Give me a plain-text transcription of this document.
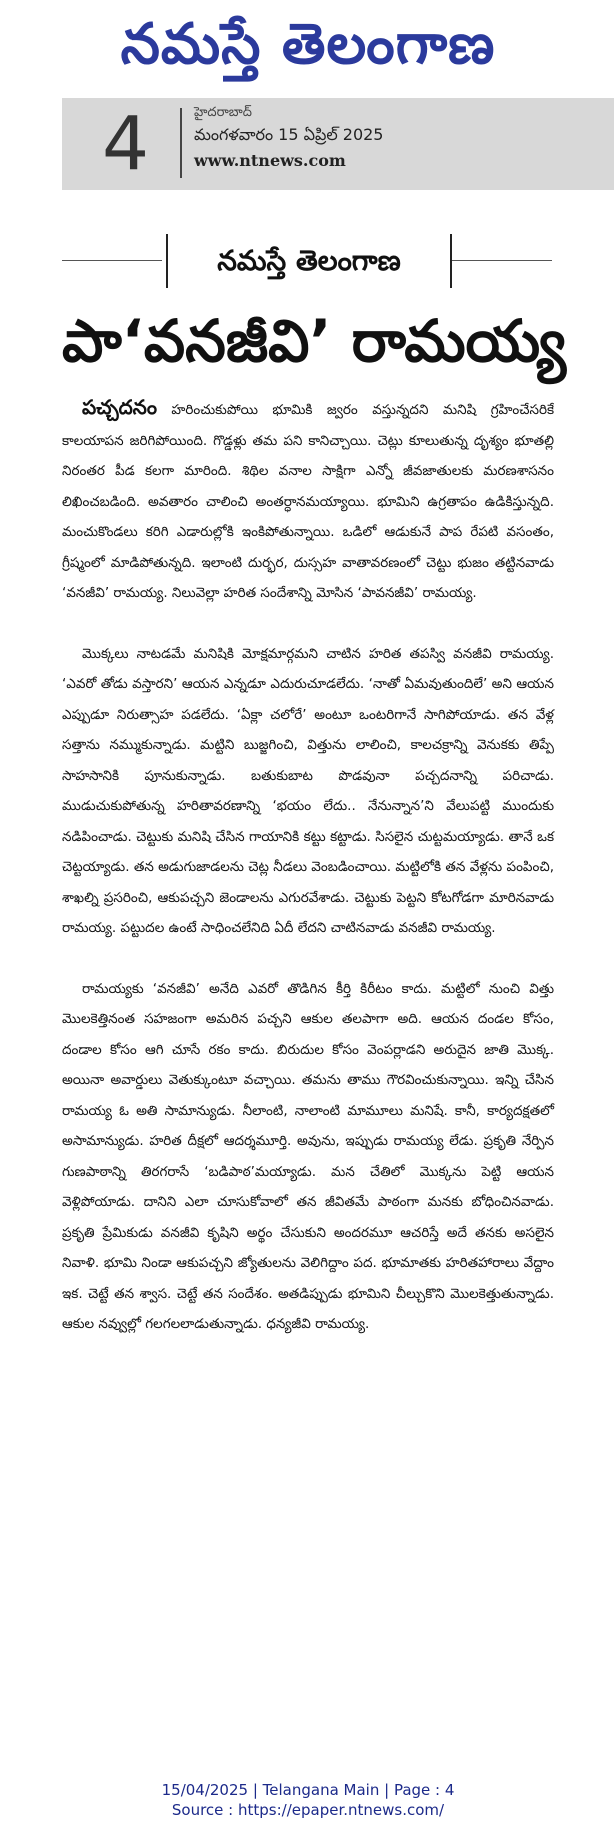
నమస్తే తెలంగాణ
4	హైదరాబాద్
మంగళవారం 15 ఏప్రిల్ 2025
www.ntnews.com
నమస్తే తెలంగాణ
పా‘వనజీవి’ రామయ్య

పచ్చదనం హరించుకుపోయి భూమికి జ్వరం వస్తున్నదని మనిషి గ్రహించేసరికే కాలయాపన జరిగిపోయింది. గొడ్డళ్లు తమ పని కానిచ్చాయి. చెట్లు కూలుతున్న దృశ్యం భూతల్లి నిరంతర పీడ కలగా మారింది. శిథిల వనాల సాక్షిగా ఎన్నో జీవజాతులకు మరణశాసనం లిఖించబడింది. అవతారం చాలించి అంతర్ధానమయ్యాయి. భూమిని ఉగ్రతాపం ఉడికిస్తున్నది. మంచుకొండలు కరిగి ఎడారుల్లోకి ఇంకిపోతున్నాయి. ఒడిలో ఆడుకునే పాప రేపటి వసంతం, గ్రీష్మంలో మాడిపోతున్నది. ఇలాంటి దుర్భర, దుస్సహ వాతావరణంలో చెట్టు భుజం తట్టినవాడు ‘వనజీవి’ రామయ్య. నిలువెల్లా హరిత సందేశాన్ని మోసిన ‘పావనజీవి’ రామయ్య.

మొక్కలు నాటడమే మనిషికి మోక్షమార్గమని చాటిన హరిత తపస్వి వనజీవి రామయ్య. ‘ఎవరో తోడు వస్తారని’ ఆయన ఎన్నడూ ఎదురుచూడలేదు. ‘నాతో ఏమవుతుందిలే’ అని ఆయన ఎప్పుడూ నిరుత్సాహ పడలేదు. ‘ఏక్లా చలోరే’ అంటూ ఒంటరిగానే సాగిపోయాడు. తన వేళ్ల సత్తాను నమ్ముకున్నాడు. మట్టిని బుజ్జగించి, విత్తును లాలించి, కాలచక్రాన్ని వెనుకకు తిప్పే సాహసానికి పూనుకున్నాడు. బతుకుబాట పొడవునా పచ్చదనాన్ని పరిచాడు. ముడుచుకుపోతున్న హరితావరణాన్ని ‘భయం లేదు.. నేనున్నాన’ని వేలుపట్టి ముందుకు నడిపించాడు. చెట్టుకు మనిషి చేసిన గాయానికి కట్టు కట్టాడు. సిసలైన చుట్టమయ్యాడు. తానే ఒక చెట్టయ్యాడు. తన అడుగుజాడలను చెట్ల నీడలు వెంబడించాయి. మట్టిలోకి తన వేళ్లను పంపించి, శాఖల్ని ప్రసరించి, ఆకుపచ్చని జెండాలను ఎగురవేశాడు. చెట్టుకు పెట్టని కోటగోడగా మారినవాడు రామయ్య. పట్టుదల ఉంటే సాధించలేనిది ఏదీ లేదని చాటినవాడు వనజీవి రామయ్య.

రామయ్యకు ‘వనజీవి’ అనేది ఎవరో తొడిగిన కీర్తి కిరీటం కాదు. మట్టిలో నుంచి విత్తు మొలకెత్తినంత సహజంగా అమరిన పచ్చని ఆకుల తలపాగా అది. ఆయన దండల కోసం, దండాల కోసం ఆగి చూసే రకం కాదు. బిరుదుల కోసం వెంపర్లాడని అరుదైన జాతి మొక్క. అయినా అవార్డులు వెతుక్కుంటూ వచ్చాయి. తమను తాము గౌరవించుకున్నాయి. ఇన్ని చేసిన రామయ్య ఓ అతి సామాన్యుడు. నీలాంటి, నాలాంటి మామూలు మనిషే. కానీ, కార్యదక్షతలో అసామాన్యుడు. హరిత దీక్షలో ఆదర్శమూర్తి. అవును, ఇప్పుడు రామయ్య లేడు. ప్రకృతి నేర్పిన గుణపాఠాన్ని తిరగరాసే ‘బడిపాఠ’మయ్యాడు. మన చేతిలో మొక్కను పెట్టి ఆయన వెళ్లిపోయాడు. దానిని ఎలా చూసుకోవాలో తన జీవితమే పాఠంగా మనకు బోధించినవాడు. ప్రకృతి ప్రేమికుడు వనజీవి కృషిని అర్థం చేసుకుని అందరమూ ఆచరిస్తే అదే తనకు అసలైన నివాళి. భూమి నిండా ఆకుపచ్చని జ్యోతులను వెలిగిద్దాం పద. భూమాతకు హరితహారాలు వేద్దాం ఇక. చెట్టే తన శ్వాస. చెట్టే తన సందేశం. అతడిప్పుడు భూమిని చీల్చుకొని మొలకెత్తుతున్నాడు. ఆకుల నవ్వుల్లో గలగలలాడుతున్నాడు. ధన్యజీవి రామయ్య.

15/04/2025 | Telangana Main | Page : 4
Source : https://epaper.ntnews.com/
